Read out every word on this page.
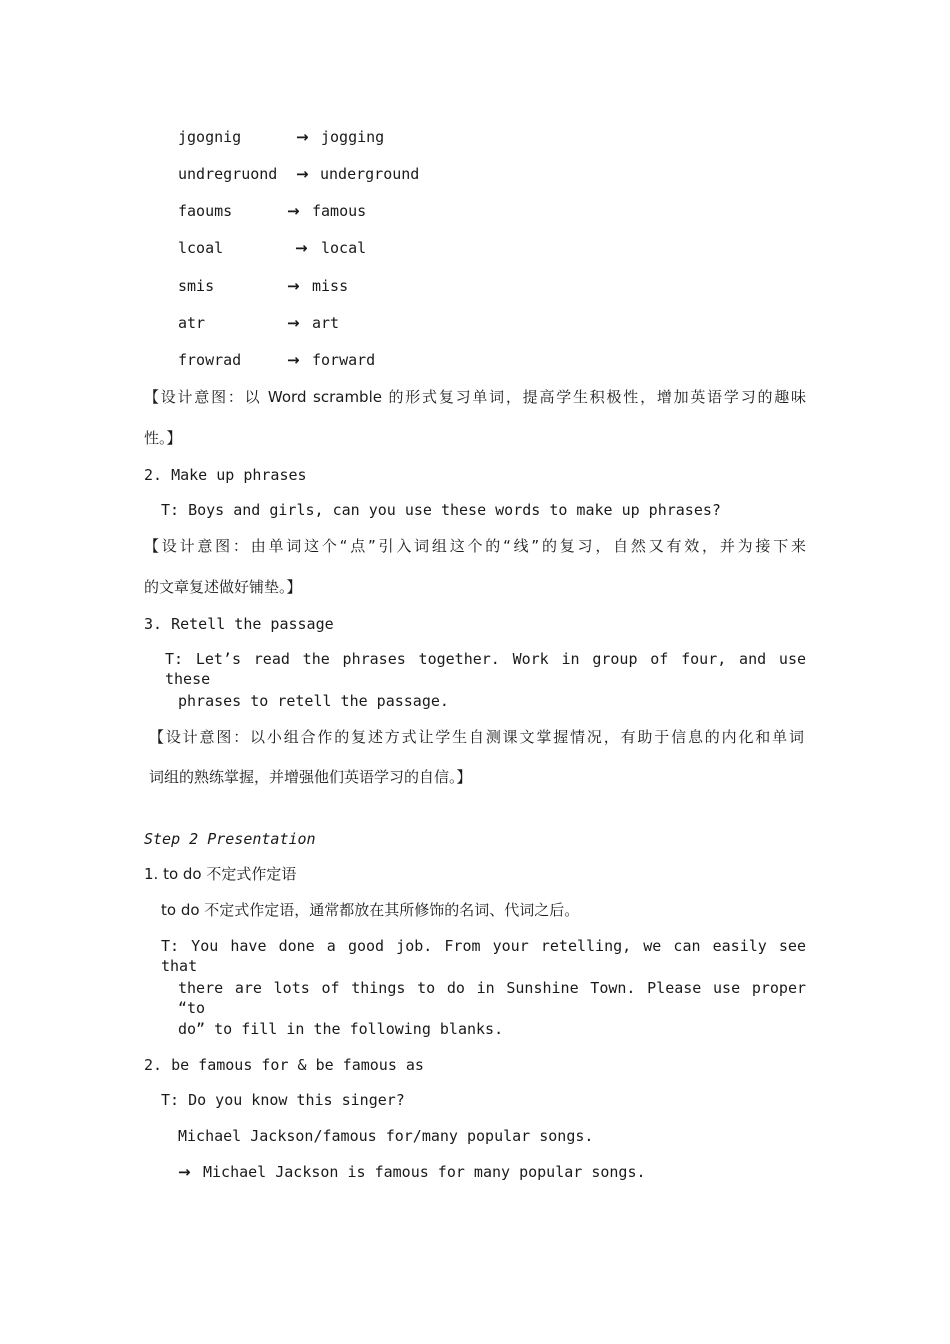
jgognig	→ jogging
undregruond → underground
faoums	→ famous
lcoal	→ local
smis	→ miss
atr	→ art
frowrad	→ forward
【设计意图：以 Word scramble 的形式复习单词，提高学生积极性，增加英语学习的趣味
性。】
2. Make up phrases
T: Boys and girls, can you use these words to make up phrases?
【设计意图：由单词这个“点”引入词组这个的“线”的复习，自然又有效，并为接下来
的文章复述做好铺垫。】
3. Retell the passage
T: Let’s read the phrases together. Work in group of four, and use these
phrases to retell the passage.
【设计意图：以小组合作的复述方式让学生自测课文掌握情况，有助于信息的内化和单词
词组的熟练掌握，并增强他们英语学习的自信。】
Step 2 Presentation
1. to do 不定式作定语
to do 不定式作定语，通常都放在其所修饰的名词、代词之后。
T: You have done a good job. From your retelling, we can easily see that
there are lots of things to do in Sunshine Town. Please use proper “to
do” to fill in the following blanks.
2. be famous for & be famous as
T: Do you know this singer?
Michael Jackson/famous for/many popular songs.
→ Michael Jackson is famous for many popular songs.
